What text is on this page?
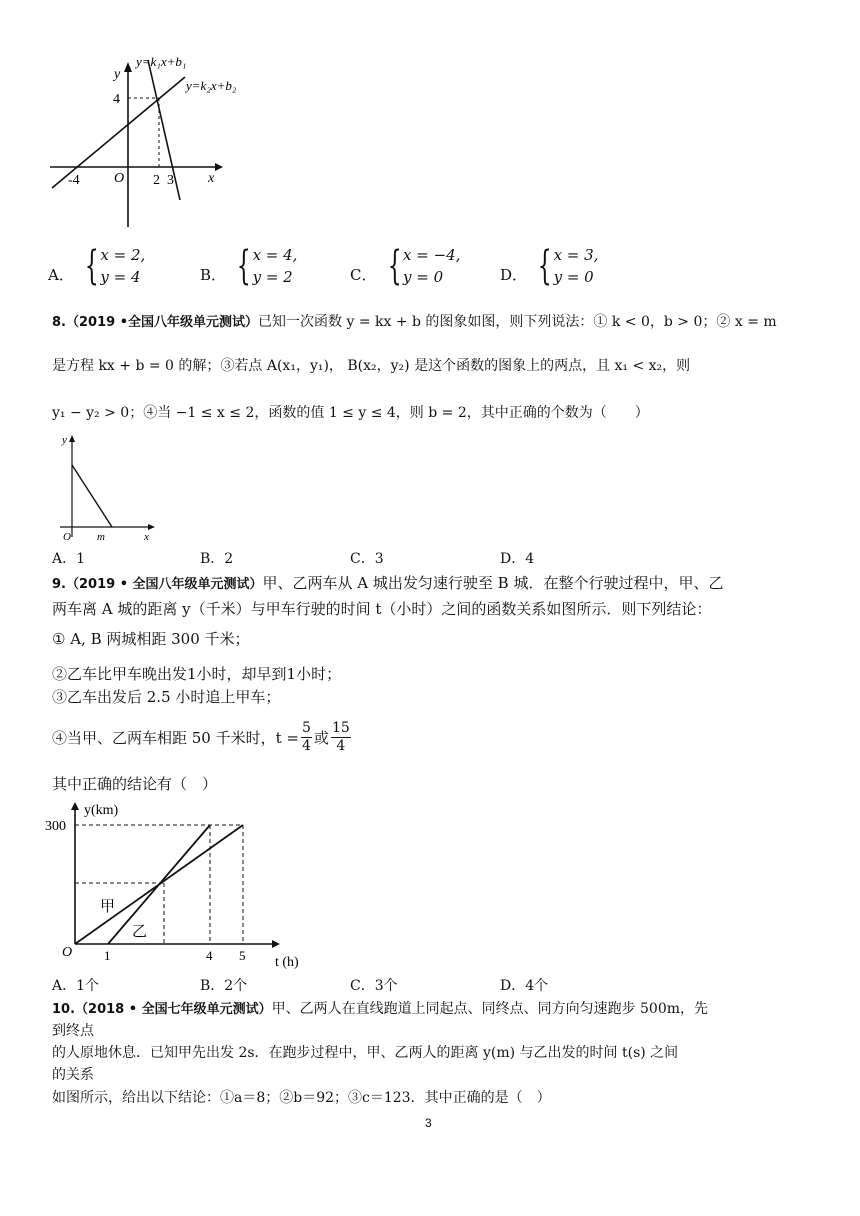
y=k₁x+b₁
y=k₂x+b₂
y
x
O
4
-4	2 3
A． { x = 2,
y = 4	B． { x = 4,
y = 2	C． { x = −4,
y = 0	D． { x = 3,
y = 0
8.（2019 •全国八年级单元测试）已知一次函数 y = kx + b 的图象如图，则下列说法：① k < 0，b > 0；② x = m
是方程 kx + b = 0 的解；③若点 A(x₁，y₁)， B(x₂，y₂) 是这个函数的图象上的两点，且 x₁ < x₂，则
y₁ − y₂ > 0；④当 −1 ≤ x ≤ 2，函数的值 1 ≤ y ≤ 4，则 b = 2，其中正确的个数为（　　）
y
x
O m
A．1	B．2	C．3	D．4
9.（2019 • 全国八年级单元测试）甲、乙两车从 A 城出发匀速行驶至 B 城．在整个行驶过程中，甲、乙
两车离 A 城的距离 y（千米）与甲车行驶的时间 t（小时）之间的函数关系如图所示．则下列结论：
① A, B 两城相距 300 千米；
②乙车比甲车晚出发1小时，却早到1小时；
③乙车出发后 2.5 小时追上甲车；
④当甲、乙两车相距 50 千米时，$t = \frac{5}{4}$ 或 $\frac{15}{4}$
其中正确的结论有（　）
y(km)
t (h)
300
O 1	4 5
甲
乙
A．1个	B．2个	C．3个	D．4个
10.（2018 • 全国七年级单元测试）甲、乙两人在直线跑道上同起点、同终点、同方向匀速跑步 500m，先
到终点
的人原地休息．已知甲先出发 2s．在跑步过程中，甲、乙两人的距离 y(m) 与乙出发的时间 t(s) 之间
的关系
如图所示，给出以下结论：①a＝8；②b＝92；③c＝123．其中正确的是（　）
3
